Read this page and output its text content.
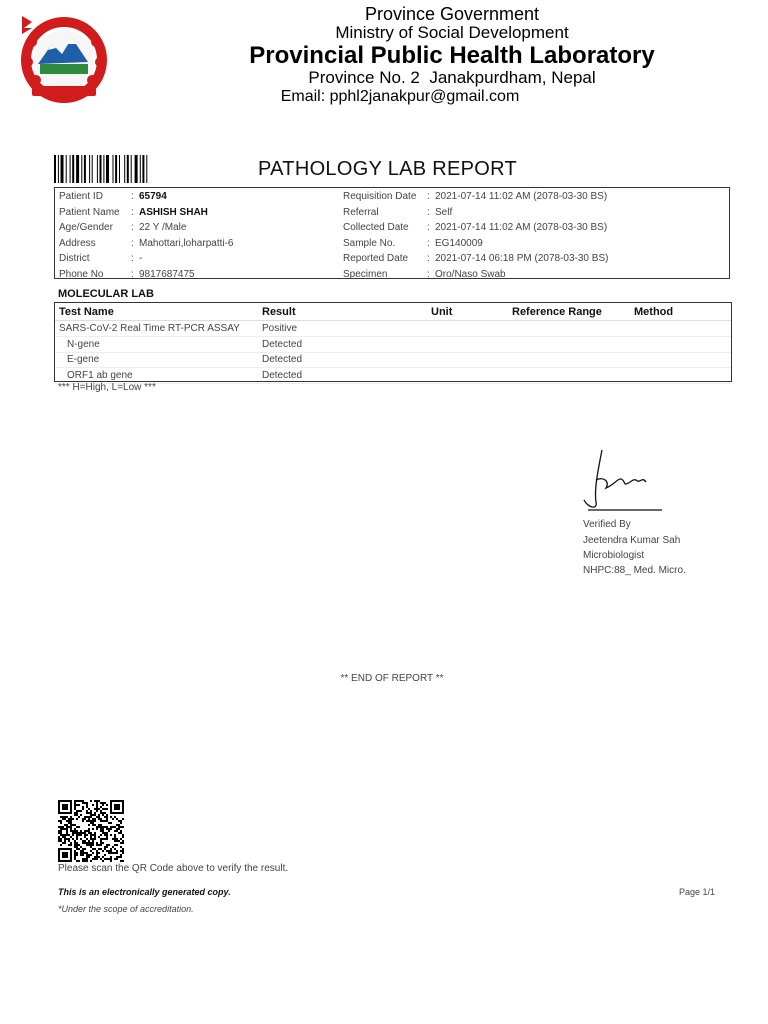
Province Government
Ministry of Social Development
Provincial Public Health Laboratory
Province No. 2 Janakpurdham, Nepal
Email: pphl2janakpur@gmail.com
PATHOLOGY LAB REPORT
Patient ID	: 65794
Patient Name : ASHISH SHAH
Age/Gender : 22 Y /Male
Address	: Mahottari,loharpatti-6
District	: -
Phone No	: 9817687475
Requisition Date : 2021-07-14 11:02 AM (2078-03-30 BS)
Referral	: Self
Collected Date : 2021-07-14 11:02 AM (2078-03-30 BS)
Sample No.	: EG140009
Reported Date : 2021-07-14 06:18 PM (2078-03-30 BS)
Specimen	: Oro/Naso Swab
MOLECULAR LAB
Test Name	Result	Unit	Reference Range	Method
SARS-CoV-2 Real Time RT-PCR ASSAY Positive
N-gene	Detected
E-gene	Detected
ORF1 ab gene	Detected
*** H=High, L=Low ***
Verified By
Jeetendra Kumar Sah
Microbiologist
NHPC:88_ Med. Micro.
** END OF REPORT **
Please scan the QR Code above to verify the result.
This is an electronically generated copy.
*Under the scope of accreditation.
Page 1/1
